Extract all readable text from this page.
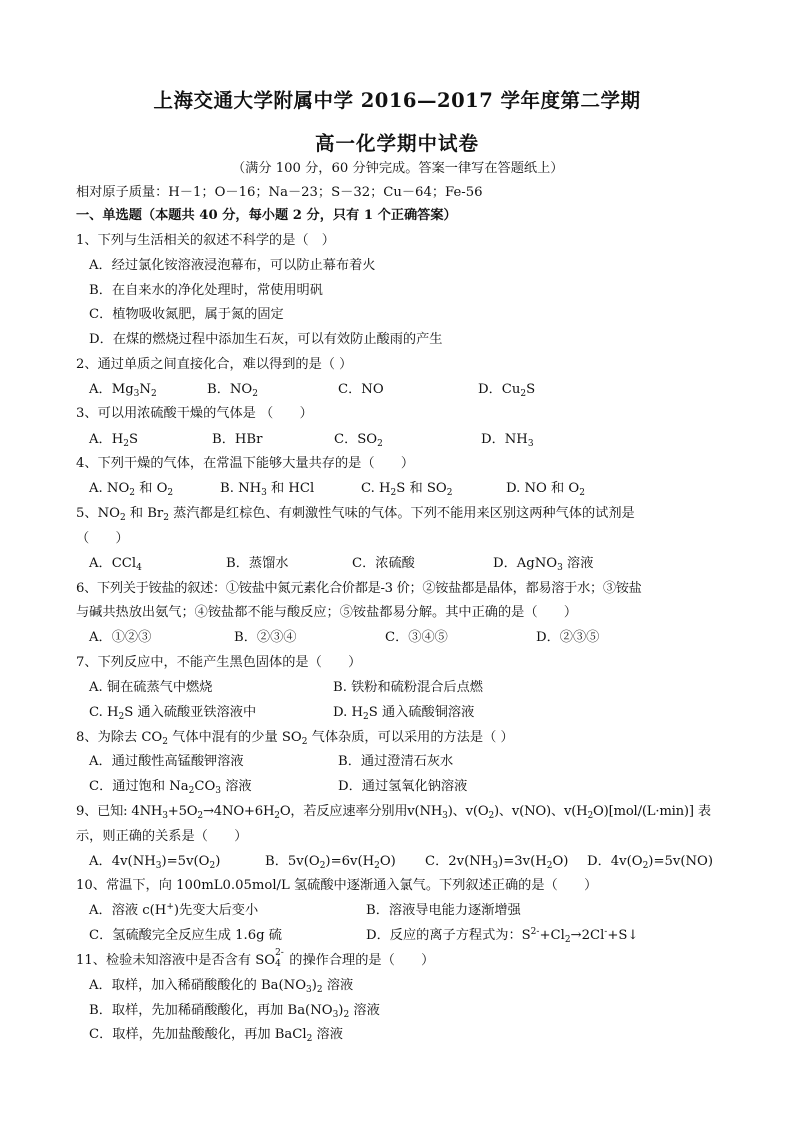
上海交通大学附属中学 2016—2017 学年度第二学期
高一化学期中试卷
（满分 100 分，60 分钟完成。答案一律写在答题纸上）
相对原子质量：H－1；O－16；Na－23；S－32；Cu－64；Fe-56
一、单选题（本题共 40 分，每小题 2 分，只有 1 个正确答案）
1、下列与生活相关的叙述不科学的是（　）
A．经过氯化铵溶液浸泡幕布，可以防止幕布着火
B．在自来水的净化处理时，常使用明矾
C．植物吸收氮肥，属于氮的固定
D．在煤的燃烧过程中添加生石灰，可以有效防止酸雨的产生
2、通过单质之间直接化合，难以得到的是（ ）
A．$Mg_3N_2$	B．$NO_2$	C．NO	D．$Cu_2S$
3、可以用浓硫酸干燥的气体是 （　　）
A．$H_2S$	B．HBr	C．$SO_2$	D．$NH_3$
4、下列干燥的气体，在常温下能够大量共存的是（　　）
A. $NO_2$ 和 $O_2$	B. $NH_3$ 和 HCl	C. $H_2S$ 和 $SO_2$	D. NO 和 $O_2$
5、$NO_2$ 和 $Br_2$ 蒸汽都是红棕色、有刺激性气味的气体。下列不能用来区别这两种气体的试剂是
（　　）
A．CCl$_4$	B．蒸馏水	C．浓硫酸	D．AgNO$_3$ 溶液
6、下列关于铵盐的叙述：①铵盐中氮元素化合价都是-3 价；②铵盐都是晶体，都易溶于水；③铵盐
与碱共热放出氨气；④铵盐都不能与酸反应；⑤铵盐都易分解。其中正确的是（　　）
A．①②③	B．②③④	C．③④⑤	D．②③⑤
7、下列反应中，不能产生黑色固体的是（　　）
A. 铜在硫蒸气中燃烧	B. 铁粉和硫粉混合后点燃
C. $H_2S$ 通入硫酸亚铁溶液中	D. $H_2S$ 通入硫酸铜溶液
8、为除去 $CO_2$ 气体中混有的少量 $SO_2$ 气体杂质，可以采用的方法是（ ）
A．通过酸性高锰酸钾溶液	B．通过澄清石灰水
C．通过饱和 $Na_2CO_3$ 溶液	D．通过氢氧化钠溶液
9、已知: $4NH_3+5O_2\to 4NO+6H_2O$，若反应速率分别用$v(NH_3)$、$v(O_2)$、v(NO)、$v(H_2O)[mol/(L\cdot\min)]$ 表
示，则正确的关系是（　　）
A．$4v(NH_3)=5v(O_2)$	B．$5v(O_2)=6v(H_2O)$ C．$2v(NH_3)=3v(H_2O)$ D．$4v(O_2)=5v(NO)$
10、常温下，向 100mL0.05mol/L 氢硫酸中逐渐通入氯气。下列叙述正确的是（　　）
A．溶液 c(H+)先变大后变小	B．溶液导电能力逐渐增强
C．氢硫酸完全反应生成 1.6g 硫	D．反应的离子方程式为：$S^{2-}+Cl_2\to 2Cl^-+S↓$
11、检验未知溶液中是否含有 SO 2-
4 的操作合理的是（　　）
A．取样，加入稀硝酸酸化的 $Ba(NO_3)_2$ 溶液
B．取样，先加稀硝酸酸化，再加 $Ba(NO_3)_2$ 溶液
C．取样，先加盐酸酸化，再加 BaCl$_2$ 溶液
